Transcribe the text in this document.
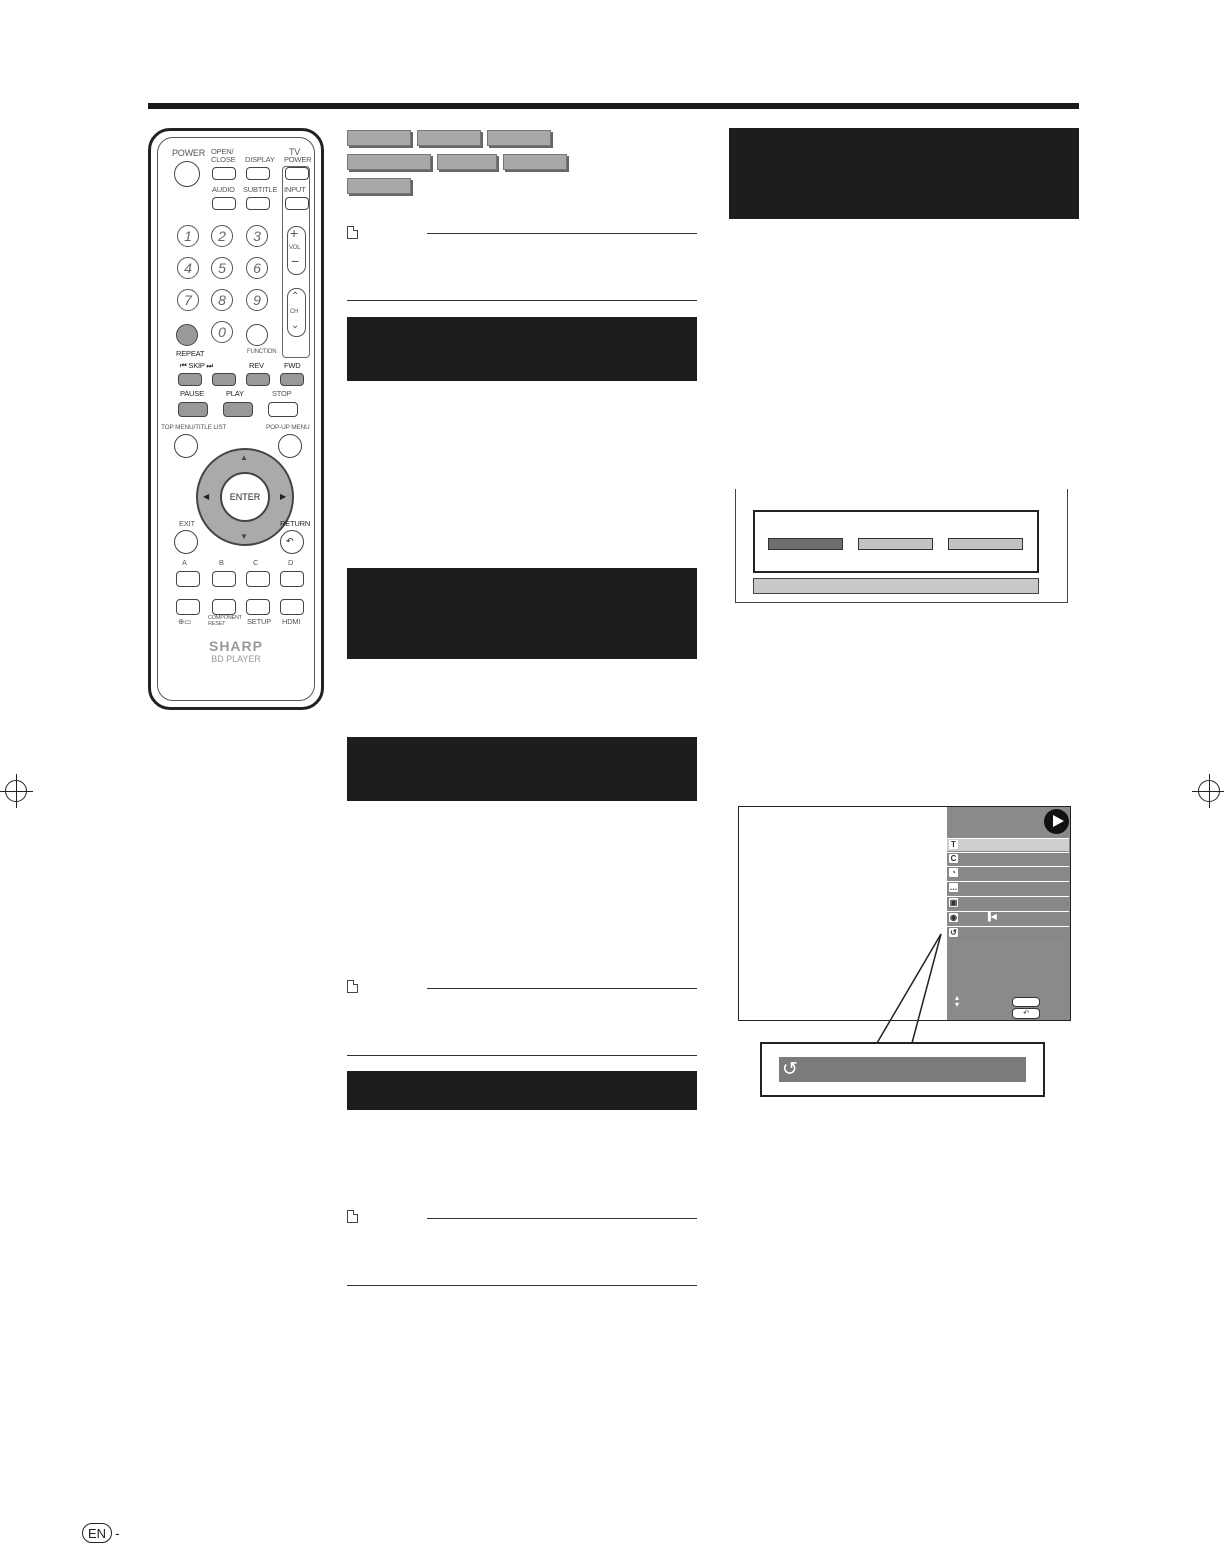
POWER OPEN/
CLOSE DISPLAY
TV
POWER
AUDIO SUBTITLE INPUT
1	2	3
4	5	6
7	8	9
0
+
VOL
−
⌃
CH
⌄
REPEAT	FUNCTION
⏮ SKIP ⏭	REV	FWD
PAUSE	PLAY	STOP
TOP MENU/TITLE LIST	POP-UP MENU
▲
▼
◀	▶
ENTER
EXIT	RETURN
↶
A	B	C	D
⊕▭	COMPONENT
RESET	SETUP HDMI
SHARP
BD PLAYER
T
C
◔
…
▣
◉	▐◀
↺
▴
▾
↶
↺
EN -
